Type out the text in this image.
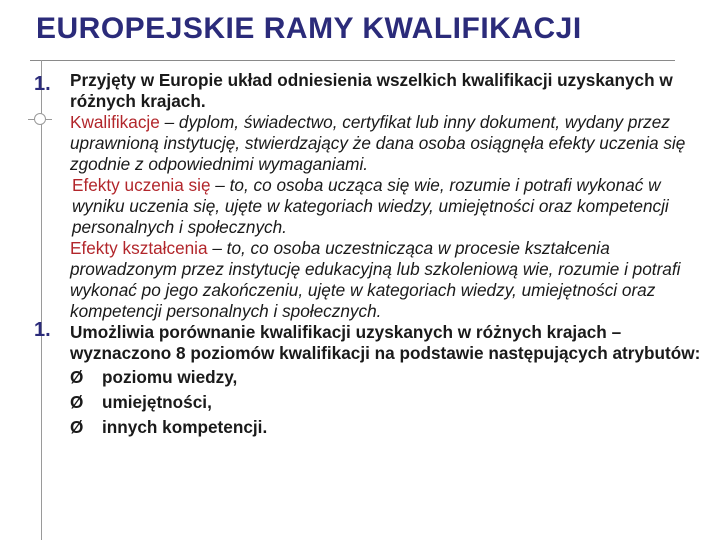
EUROPEJSKIE RAMY KWALIFIKACJI
1.	Przyjęty w Europie układ odniesienia wszelkich kwalifikacji uzyskanych w różnych krajach.
Kwalifikacje – dyplom, świadectwo, certyfikat lub inny dokument, wydany przez uprawnioną instytucję, stwierdzający że dana osoba osiągnęła efekty uczenia się zgodnie z odpowiednimi wymaganiami.
Efekty uczenia się – to, co osoba ucząca się wie, rozumie i potrafi wykonać w wyniku uczenia się, ujęte w kategoriach wiedzy, umiejętności oraz kompetencji personalnych i społecznych.
Efekty kształcenia – to, co osoba uczestnicząca w procesie kształcenia prowadzonym przez instytucję edukacyjną lub szkoleniową wie, rozumie i potrafi wykonać po jego zakończeniu, ujęte w kategoriach wiedzy, umiejętności oraz kompetencji personalnych i społecznych.
1.	Umożliwia porównanie kwalifikacji uzyskanych w różnych krajach – wyznaczono 8 poziomów kwalifikacji na podstawie następujących atrybutów:
Ø poziomu wiedzy,
Ø umiejętności,
Ø innych kompetencji.
